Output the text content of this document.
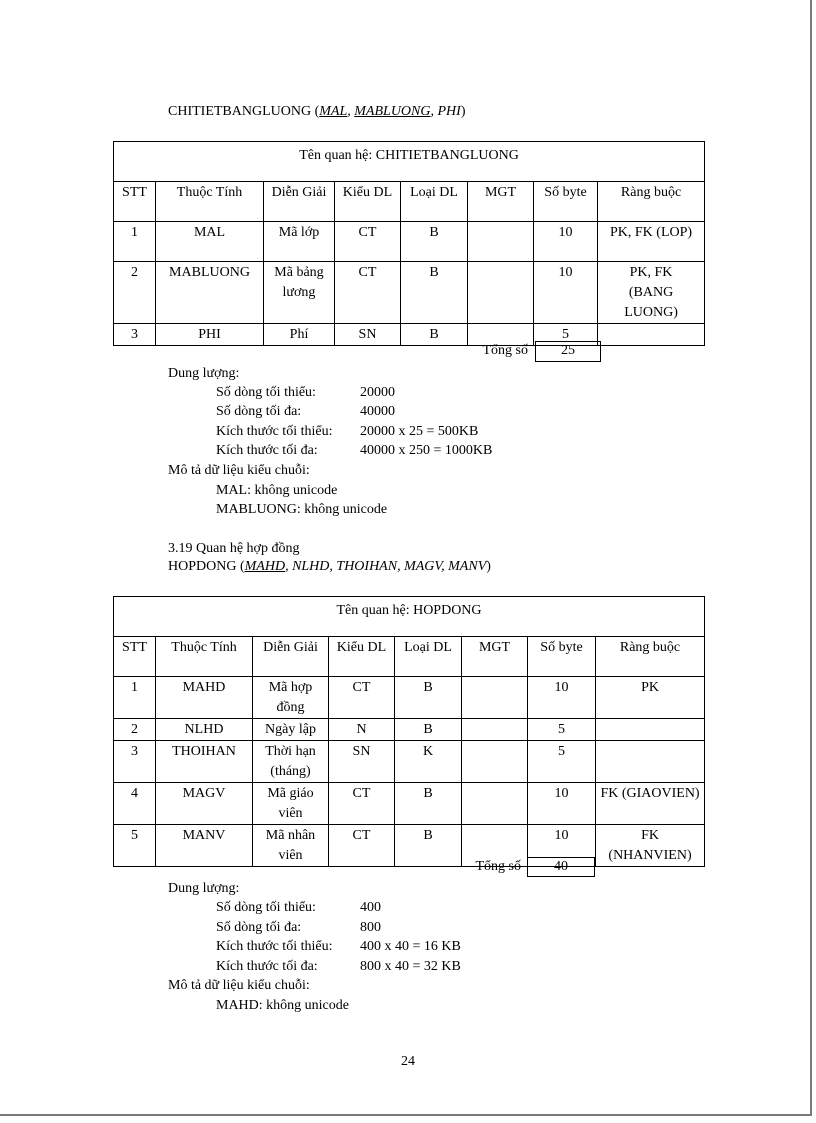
CHITIETBANGLUONG (MAL, MABLUONG, PHI)
Tên quan hệ: CHITIETBANGLUONG							
STT	Thuộc Tính	Diễn Giải	Kiểu DL	Loại DL	MGT	Số byte	Ràng buộc
1	MAL	Mã lớp	CT	B		10	PK, FK (LOP)
2	MABLUONG	Mã bảng lương	CT	B		10	PK, FK (BANG LUONG)
3	PHI	Phí	SN	B		5	
Tổng số	25
Dung lượng:
Số dòng tối thiểu:	20000
Số dòng tối đa:	40000
Kích thước tối thiểu: 20000 x 25 = 500KB
Kích thước tối đa:	40000 x 250 = 1000KB
Mô tả dữ liệu kiểu chuỗi:
MAL: không unicode
MABLUONG: không unicode
3.19 Quan hệ hợp đồng
HOPDONG (MAHD, NLHD, THOIHAN, MAGV, MANV)
Tên quan hệ: HOPDONG							
STT	Thuộc Tính	Diễn Giải	Kiểu DL	Loại DL	MGT	Số byte	Ràng buộc
1	MAHD	Mã hợp đồng	CT	B		10	PK
2	NLHD	Ngày lập	N	B		5	
3	THOIHAN	Thời hạn (tháng)	SN	K		5	
4	MAGV	Mã giáo viên	CT	B		10	FK (GIAOVIEN)
5	MANV	Mã nhân viên	CT	B		10	FK (NHANVIEN)
Tổng số	40
Dung lượng:
Số dòng tối thiểu:	400
Số dòng tối đa:	800
Kích thước tối thiểu: 400 x 40 = 16 KB
Kích thước tối đa:	800 x 40 = 32 KB
Mô tả dữ liệu kiểu chuỗi:
MAHD: không unicode
24
